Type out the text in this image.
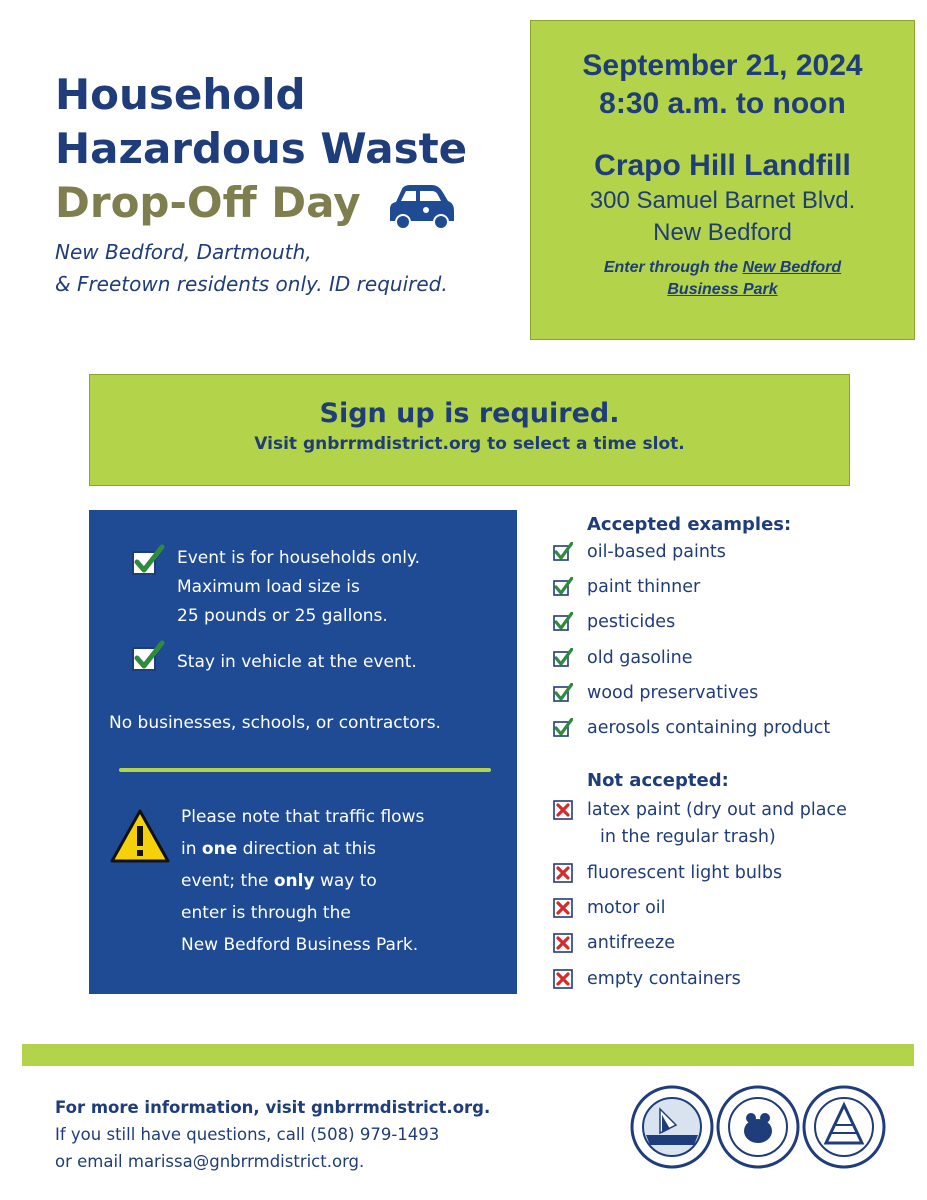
Household
Hazardous Waste
Drop-Off Day
New Bedford, Dartmouth,
& Freetown residents only. ID required.
September 21, 2024
8:30 a.m. to noon
Crapo Hill Landfill
300 Samuel Barnet Blvd.
New Bedford
Enter through the New Bedford
Business Park
Sign up is required.
Visit gnbrrmdistrict.org to select a time slot.
Event is for households only.
Maximum load size is
25 pounds or 25 gallons.
Stay in vehicle at the event.
No businesses, schools, or contractors.
Please note that traffic flows
in one direction at this
event; the only way to
enter is through the
New Bedford Business Park.
Accepted examples:
oil-based paints
paint thinner
pesticides
old gasoline
wood preservatives
aerosols containing product
Not accepted:
latex paint (dry out and place
fluorescent light bulbs
motor oil
antifreeze
empty containers
in the regular trash)
For more information, visit gnbrrmdistrict.org.
If you still have questions, call (508) 979-1493
or email marissa@gnbrrmdistrict.org.
